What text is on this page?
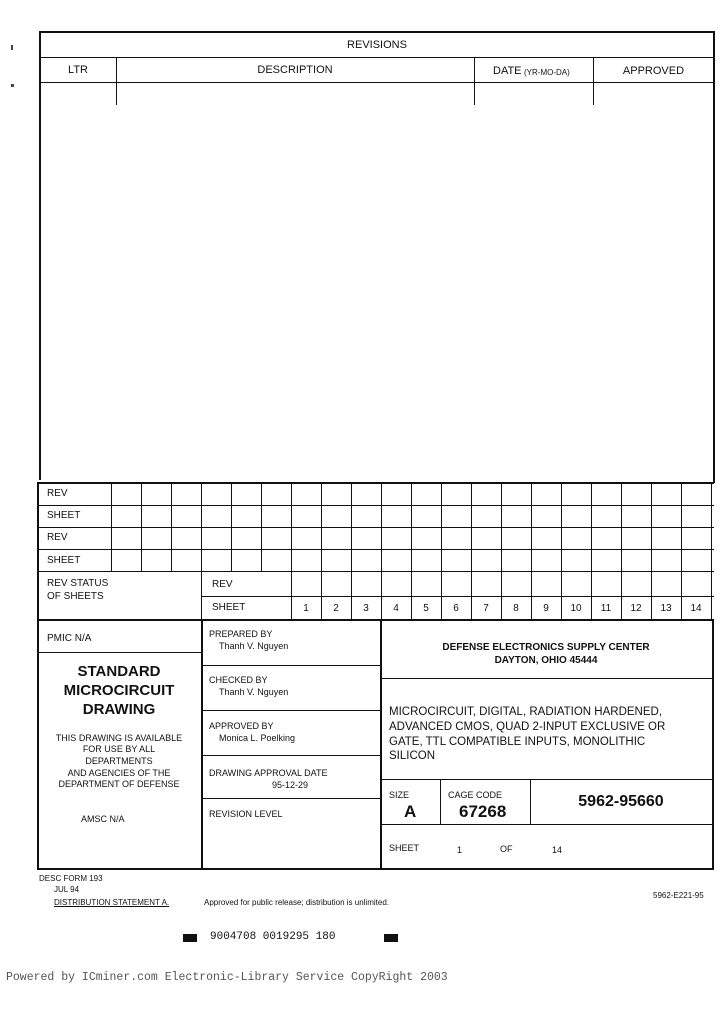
REVISIONS
LTR	DESCRIPTION	DATE (YR-MO-DA)	APPROVED
REV
SHEET
REV
SHEET
REV STATUS
OF SHEETS
REV
SHEET	1	2	3	4	5	6	7	8	9	10	11	12	13	14
PMIC N/A
STANDARD
MICROCIRCUIT
DRAWING
THIS DRAWING IS AVAILABLE
FOR USE BY ALL
DEPARTMENTS
AND AGENCIES OF THE
DEPARTMENT OF DEFENSE
AMSC N/A
PREPARED BY
Thanh V. Nguyen
CHECKED BY
Thanh V. Nguyen
APPROVED BY
Monica L. Poelking
DRAWING APPROVAL DATE
95-12-29
REVISION LEVEL
DEFENSE ELECTRONICS SUPPLY CENTER
DAYTON, OHIO 45444
MICROCIRCUIT, DIGITAL, RADIATION HARDENED,
ADVANCED CMOS, QUAD 2-INPUT EXCLUSIVE OR
GATE, TTL COMPATIBLE INPUTS, MONOLITHIC
SILICON
SIZE
A
CAGE CODE
67268
5962-95660
SHEET	1	OF	14
DESC FORM 193
JUL 94
DISTRIBUTION STATEMENT A.	Approved for public release; distribution is unlimited.
5962-E221-95
9004708 0019295 180
Powered by ICminer.com Electronic-Library Service CopyRight 2003
